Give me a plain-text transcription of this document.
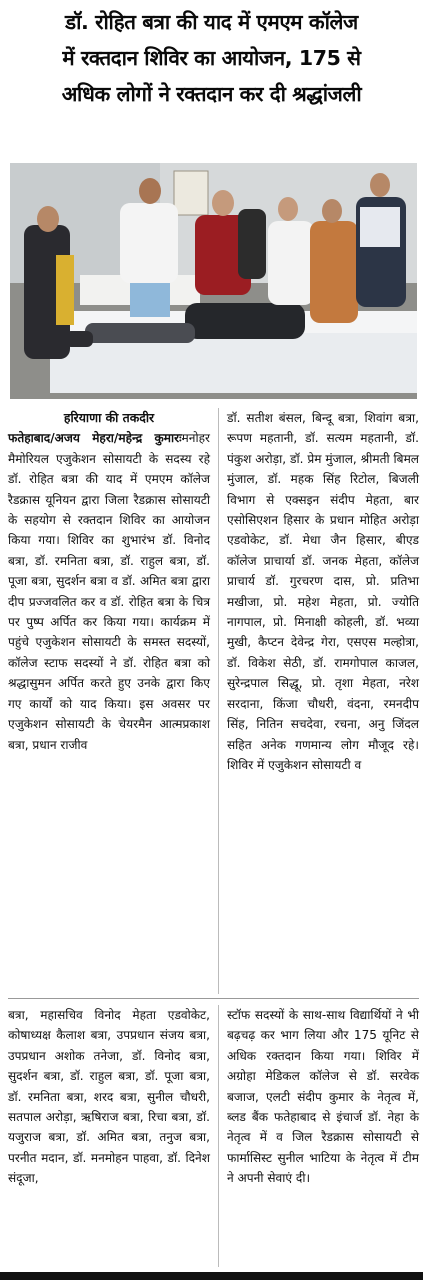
डॉ. रोहित बत्रा की याद में एमएम कॉलेज
में रक्तदान शिविर का आयोजन, 175 से
अधिक लोगों ने रक्तदान कर दी श्रद्धांजली

हरियाणा की तकदीर

फतेहाबाद/अजय मेहरा/महेन्द्र कुमारःमनोहर मैमोरियल एजुकेशन सोसायटी के सदस्य रहे डॉ. रोहित बत्रा की याद में एमएम कॉलेज रैडक्रास यूनियन द्वारा जिला रैडक्रास सोसायटी के सहयोग से रक्तदान शिविर का आयोजन किया गया। शिविर का शुभारंभ डॉ. विनोद बत्रा, डॉ. रमनिता बत्रा, डॉ. राहुल बत्रा, डॉ. पूजा बत्रा, सुदर्शन बत्रा व डॉ. अमित बत्रा द्वारा दीप प्रज्जवलित कर व डॉ. रोहित बत्रा के चित्र पर पुष्प अर्पित कर किया गया। कार्यक्रम में पहुंचे एजुकेशन सोसायटी के समस्त सदस्यों, कॉलेज स्टाफ सदस्यों ने डॉ. रोहित बत्रा को श्रद्धासुमन अर्पित करते हुए उनके द्वारा किए गए कार्यों को याद किया। इस अवसर पर एजुकेशन सोसायटी के चेयरमैन आत्मप्रकाश बत्रा, प्रधान राजीव

डॉ. सतीश बंसल, बिन्दू बत्रा, शिवांग बत्रा, रूपण महतानी, डॉ. सत्यम महतानी, डॉ. पंकुश अरोड़ा, डॉ. प्रेम मुंजाल, श्रीमती बिमल मुंजाल, डॉ. महक सिंह रिटोल, बिजली विभाग से एक्सइन संदीप मेहता, बार एसोसिएशन हिसार के प्रधान मोहित अरोड़ा एडवोकेट, डॉ. मेधा जैन हिसार, बीएड कॉलेज प्राचार्या डॉ. जनक मेहता, कॉलेज प्राचार्य डॉ. गुरचरण दास, प्रो. प्रतिभा मखीजा, प्रो. महेश मेहता, प्रो. ज्योति नागपाल, प्रो. मिनाक्षी कोहली, डॉ. भव्या मुखी, कैप्टन देवेन्द्र गेरा, एसएस मल्होत्रा, डॉ. विकेश सेठी, डॉ. रामगोपाल काजल, सुरेन्द्रपाल सिद्धू, प्रो. तृशा मेहता, नरेश सरदाना, किंजा चौधरी, वंदना, रमनदीप सिंह, नितिन सचदेवा, रचना, अनु जिंदल सहित अनेक गणमान्य लोग मौजूद रहे। शिविर में एजुकेशन सोसायटी व

बत्रा, महासचिव विनोद मेहता एडवोकेट, कोषाध्यक्ष कैलाश बत्रा, उपप्रधान संजय बत्रा, उपप्रधान अशोक तनेजा, डॉ. विनोद बत्रा, सुदर्शन बत्रा, डॉ. राहुल बत्रा, डॉ. पूजा बत्रा, डॉ. रमनिता बत्रा, शरद बत्रा, सुनील चौधरी, सतपाल अरोड़ा, ऋषिराज बत्रा, रिचा बत्रा, डॉ. यजुराज बत्रा, डॉ. अमित बत्रा, तनुज बत्रा, परनीत मदान, डॉ. मनमोहन पाहवा, डॉ. दिनेश संदूजा,

स्टॉफ सदस्यों के साथ-साथ विद्यार्थियों ने भी बढ़चढ़ कर भाग लिया और 175 यूनिट से अधिक रक्तदान किया गया। शिविर में अग्रोहा मेडिकल कॉलेज से डॉ. सरवेक बजाज, एलटी संदीप कुमार के नेतृत्व में, ब्लड बैंक फतेहाबाद से इंचार्ज डॉ. नेहा के नेतृत्व में व जिल रैडक्रास सोसायटी से फार्मासिस्ट सुनील भाटिया के नेतृत्व में टीम ने अपनी सेवाएं दी।
